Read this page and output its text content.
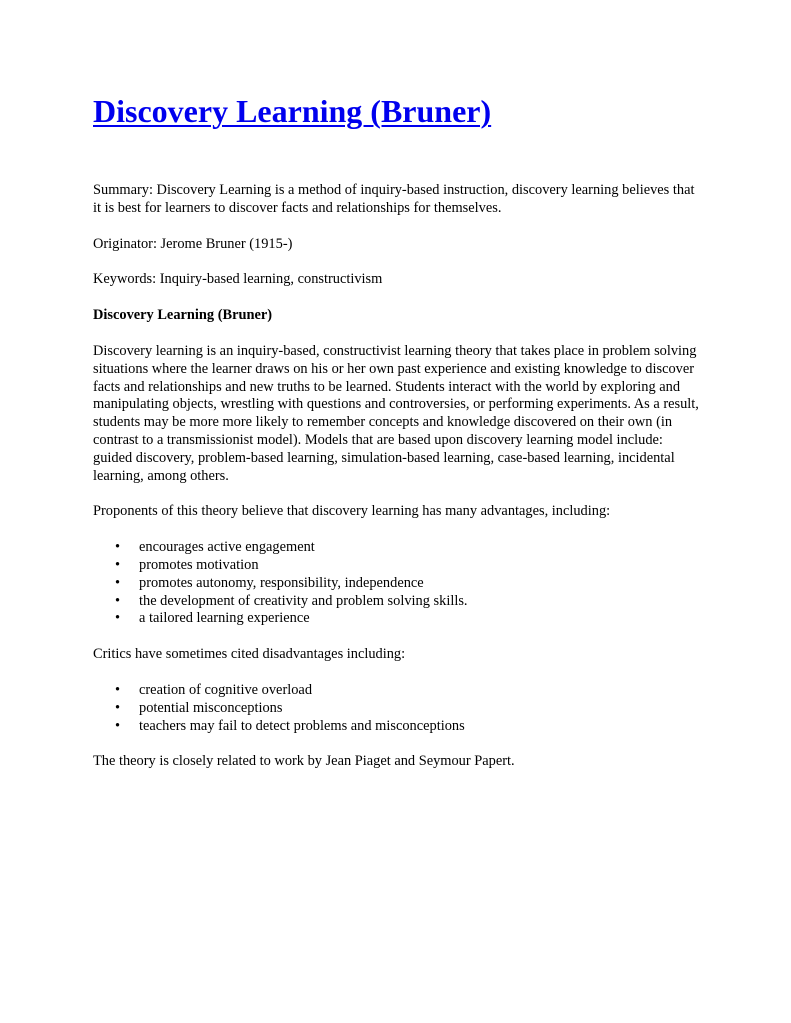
Discovery Learning (Bruner)

Summary: Discovery Learning is a method of inquiry-based instruction, discovery learning believes that it is best for learners to discover facts and relationships for themselves.

Originator: Jerome Bruner (1915-)

Keywords: Inquiry-based learning, constructivism

Discovery Learning (Bruner)

Discovery learning is an inquiry-based, constructivist learning theory that takes place in problem solving situations where the learner draws on his or her own past experience and existing knowledge to discover facts and relationships and new truths to be learned. Students interact with the world by exploring and manipulating objects, wrestling with questions and controversies, or performing experiments. As a result, students may be more more likely to remember concepts and knowledge discovered on their own (in contrast to a transmissionist model). Models that are based upon discovery learning model include: guided discovery, problem-based learning, simulation-based learning, case-based learning, incidental learning, among others.

Proponents of this theory believe that discovery learning has many advantages, including:

• encourages active engagement
• promotes motivation
• promotes autonomy, responsibility, independence
• the development of creativity and problem solving skills.
• a tailored learning experience

Critics have sometimes cited disadvantages including:

• creation of cognitive overload
• potential misconceptions
• teachers may fail to detect problems and misconceptions

The theory is closely related to work by Jean Piaget and Seymour Papert.
